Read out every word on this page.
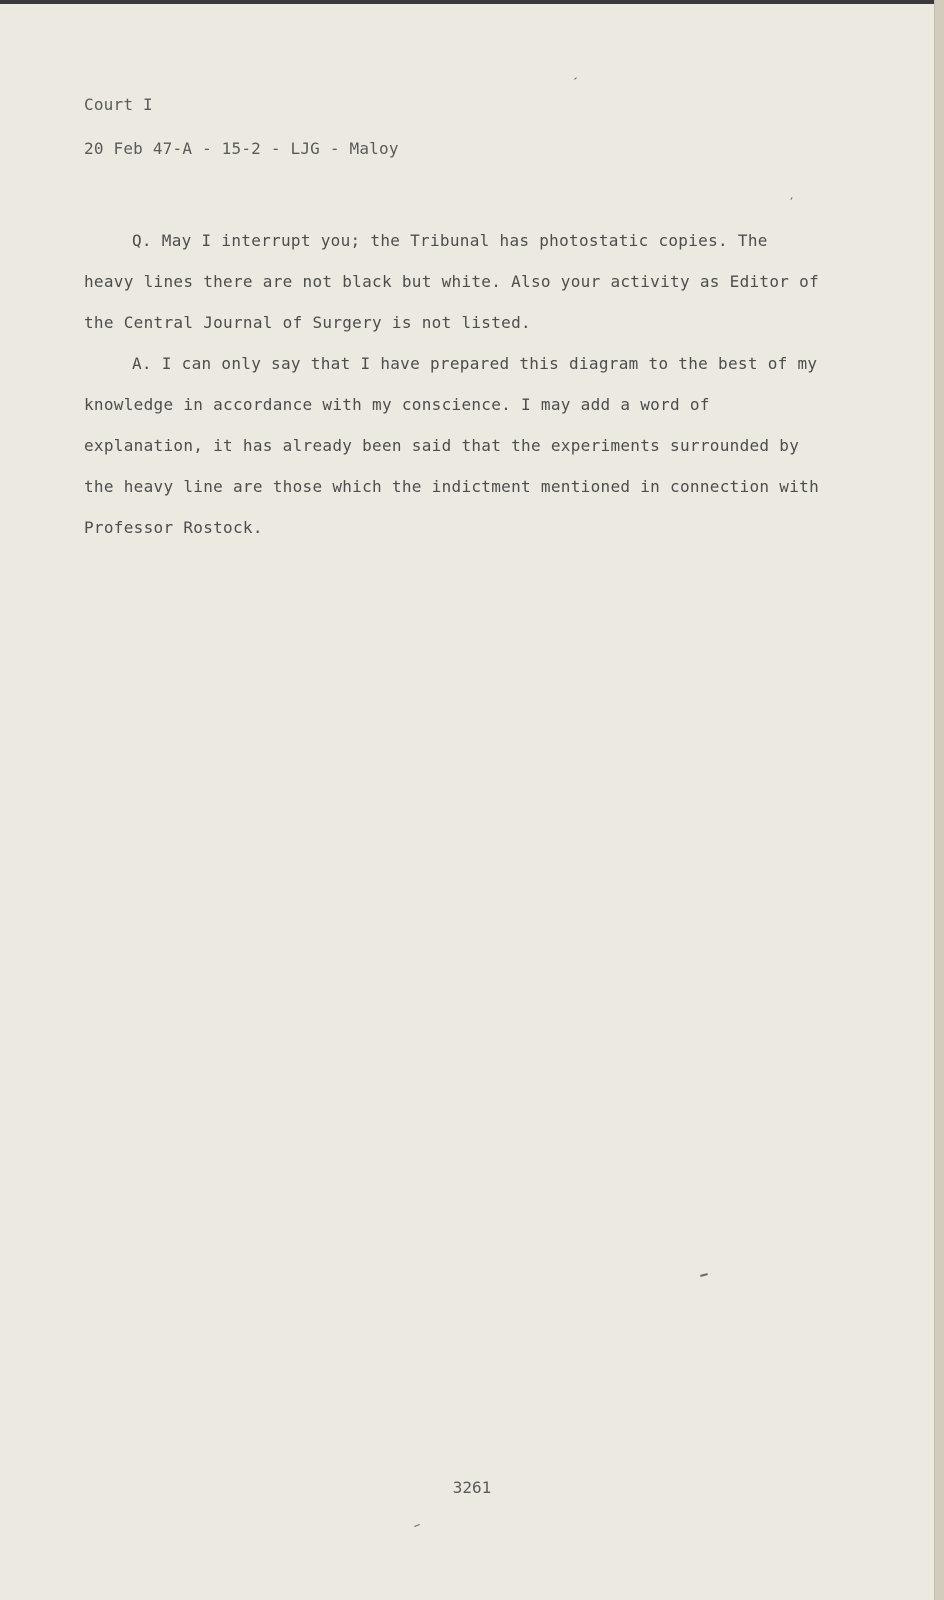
Court I
20 Feb 47-A - 15-2 - LJG - Maloy

Q. May I interrupt you; the Tribunal has photostatic copies. The heavy lines there are not black but white. Also your activity as Editor of the Central Journal of Surgery is not listed.

A. I can only say that I have prepared this diagram to the best of my knowledge in accordance with my conscience. I may add a word of explanation, it has already been said that the experiments surrounded by the heavy line are those which the indictment mentioned in connection with Professor Rostock.

3261
